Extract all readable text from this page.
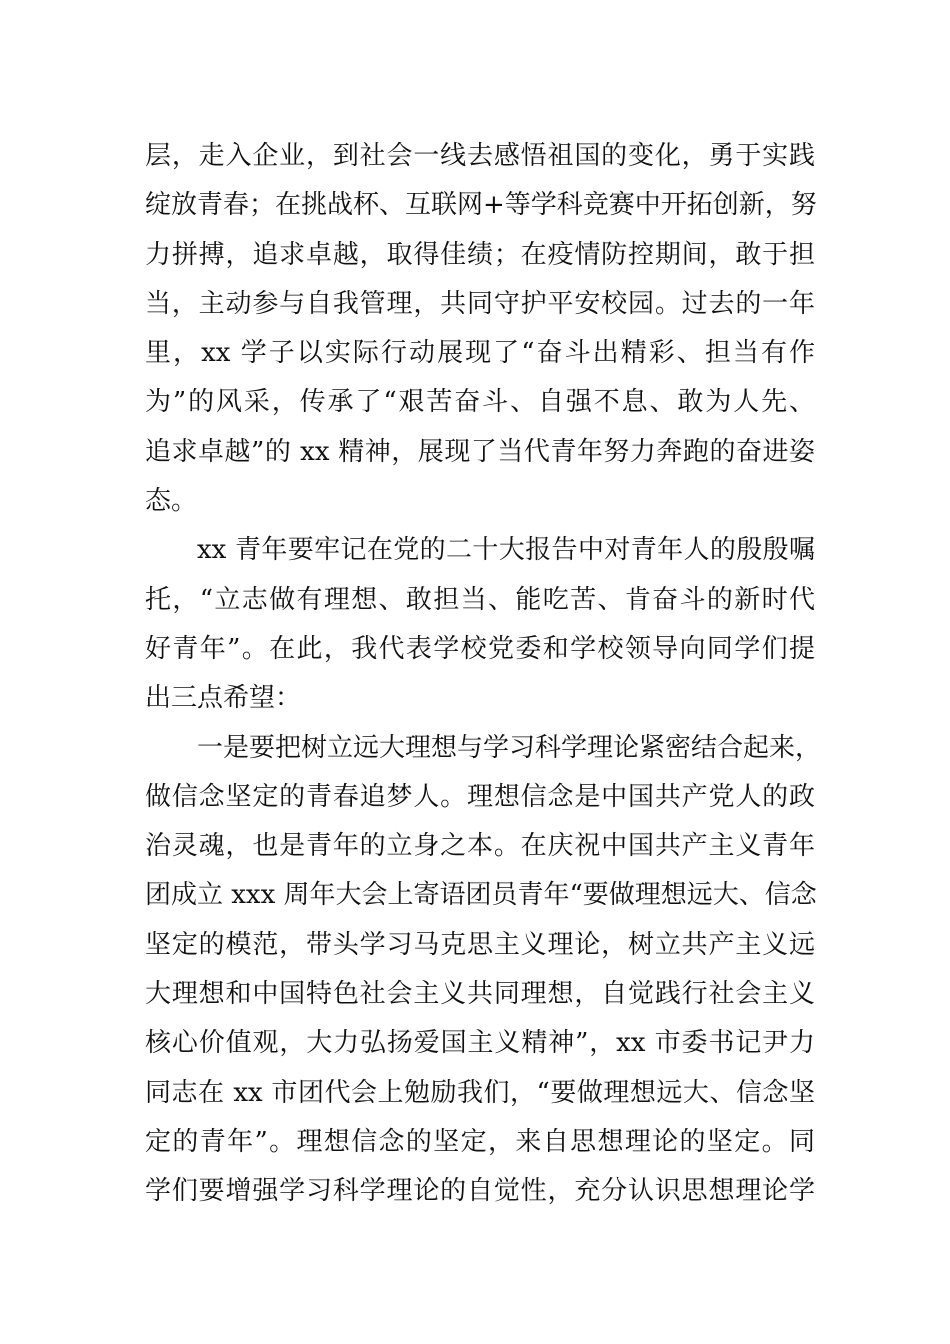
层，走入企业，到社会一线去感悟祖国的变化，勇于实践
绽放青春；在挑战杯、互联网+等学科竞赛中开拓创新，努
力拼搏，追求卓越，取得佳绩；在疫情防控期间，敢于担
当，主动参与自我管理，共同守护平安校园。过去的一年
里，xx 学子以实际行动展现了“奋斗出精彩、担当有作
为”的风采，传承了“艰苦奋斗、自强不息、敢为人先、
追求卓越”的 xx 精神，展现了当代青年努力奔跑的奋进姿
态。
xx 青年要牢记在党的二十大报告中对青年人的殷殷嘱
托，“立志做有理想、敢担当、能吃苦、肯奋斗的新时代
好青年”。在此，我代表学校党委和学校领导向同学们提
出三点希望：
一是要把树立远大理想与学习科学理论紧密结合起来，
做信念坚定的青春追梦人。理想信念是中国共产党人的政
治灵魂，也是青年的立身之本。在庆祝中国共产主义青年
团成立 xxx 周年大会上寄语团员青年“要做理想远大、信念
坚定的模范，带头学习马克思主义理论，树立共产主义远
大理想和中国特色社会主义共同理想，自觉践行社会主义
核心价值观，大力弘扬爱国主义精神”，xx 市委书记尹力
同志在 xx 市团代会上勉励我们，“要做理想远大、信念坚
定的青年”。理想信念的坚定，来自思想理论的坚定。同
学们要增强学习科学理论的自觉性，充分认识思想理论学
